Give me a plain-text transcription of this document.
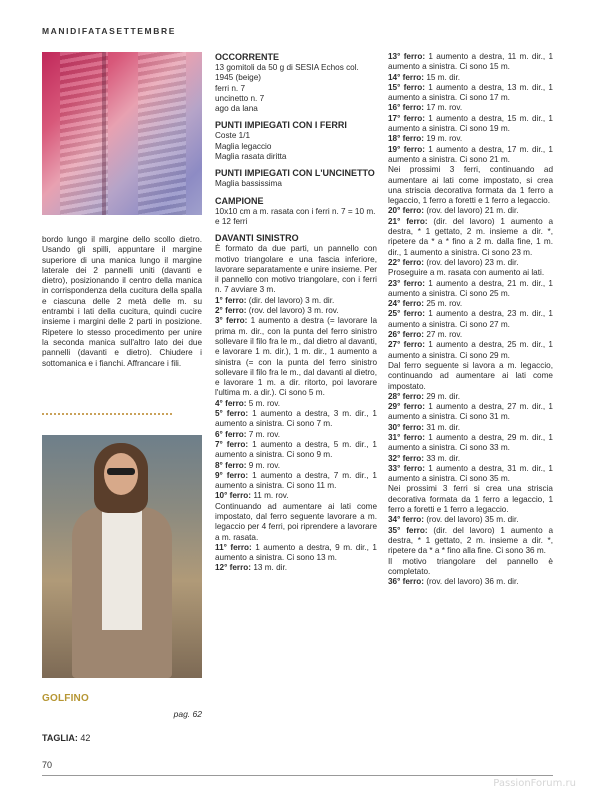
MANIDIFATASETTEMBRE

bordo lungo il margine dello scollo dietro. Usando gli spilli, appuntare il margine superiore di una manica lungo il margine laterale dei 2 pannelli uniti (davanti e dietro), posizionando il centro della manica in corrispondenza della cucitura della spalla e ciascuna delle 2 metà delle m. su entrambi i lati della cucitura, quindi cucire insieme i margini delle 2 parti in posizione. Ripetere lo stesso procedimento per unire la seconda manica sull'altro lato dei due pannelli (davanti e dietro). Chiudere i sottomanica e i fianchi. Affrancare i fili.

GOLFINO
pag. 62
TAGLIA: 42
OCCORRENTE
13 gomitoli da 50 g di SESIA Echos col. 1945 (beige)
ferri n. 7
uncinetto n. 7
ago da lana
PUNTI IMPIEGATI CON I FERRI
Coste 1/1
Maglia legaccio
Maglia rasata diritta
PUNTI IMPIEGATI CON L'UNCINETTO
Maglia bassissima
CAMPIONE
10x10 cm a m. rasata con i ferri n. 7 = 10 m. e 12 ferri
DAVANTI SINISTRO
È formato da due parti, un pannello con motivo triangolare e una fascia inferiore, lavorare separatamente e unire insieme. Per il pannello con motivo triangolare, con i ferri n. 7 avviare 3 m.
1° ferro: (dir. del lavoro) 3 m. dir.
2° ferro: (rov. del lavoro) 3 m. rov.
3° ferro: 1 aumento a destra (= lavorare la prima m. dir., con la punta del ferro sinistro sollevare il filo fra le m., dal dietro al davanti, e lavorare 1 m. dir.), 1 m. dir., 1 aumento a sinistra (= con la punta del ferro sinistro sollevare il filo fra le m., dal davanti al dietro, e lavorare 1 m. a dir. ritorto, poi lavorare l'ultima m. a dir.). Ci sono 5 m.
4° ferro: 5 m. rov.
5° ferro: 1 aumento a destra, 3 m. dir., 1 aumento a sinistra. Ci sono 7 m.
6° ferro: 7 m. rov.
7° ferro: 1 aumento a destra, 5 m. dir., 1 aumento a sinistra. Ci sono 9 m.
8° ferro: 9 m. rov.
9° ferro: 1 aumento a destra, 7 m. dir., 1 aumento a sinistra. Ci sono 11 m.
10° ferro: 11 m. rov.
Continuando ad aumentare ai lati come impostato, dal ferro seguente lavorare a m. legaccio per 4 ferri, poi riprendere a lavorare a m. rasata.
11° ferro: 1 aumento a destra, 9 m. dir., 1 aumento a sinistra. Ci sono 13 m.
12° ferro: 13 m. dir.
13° ferro: 1 aumento a destra, 11 m. dir., 1 aumento a sinistra. Ci sono 15 m.
14° ferro: 15 m. dir.
15° ferro: 1 aumento a destra, 13 m. dir., 1 aumento a sinistra. Ci sono 17 m.
16° ferro: 17 m. rov.
17° ferro: 1 aumento a destra, 15 m. dir., 1 aumento a sinistra. Ci sono 19 m.
18° ferro: 19 m. rov.
19° ferro: 1 aumento a destra, 17 m. dir., 1 aumento a sinistra. Ci sono 21 m.
Nei prossimi 3 ferri, continuando ad aumentare ai lati come impostato, si crea una striscia decorativa formata da 1 ferro a legaccio, 1 ferro a foretti e 1 ferro a legaccio.
20° ferro: (rov. del lavoro) 21 m. dir.
21° ferro: (dir. del lavoro) 1 aumento a destra, * 1 gettato, 2 m. insieme a dir. *, ripetere da * a * fino a 2 m. dalla fine, 1 m. dir., 1 aumento a sinistra. Ci sono 23 m.
22° ferro: (rov. del lavoro) 23 m. dir.
Proseguire a m. rasata con aumento ai lati.
23° ferro: 1 aumento a destra, 21 m. dir., 1 aumento a sinistra. Ci sono 25 m.
24° ferro: 25 m. rov.
25° ferro: 1 aumento a destra, 23 m. dir., 1 aumento a sinistra. Ci sono 27 m.
26° ferro: 27 m. rov.
27° ferro: 1 aumento a destra, 25 m. dir., 1 aumento a sinistra. Ci sono 29 m.
Dal ferro seguente si lavora a m. legaccio, continuando ad aumentare ai lati come impostato.
28° ferro: 29 m. dir.
29° ferro: 1 aumento a destra, 27 m. dir., 1 aumento a sinistra. Ci sono 31 m.
30° ferro: 31 m. dir.
31° ferro: 1 aumento a destra, 29 m. dir., 1 aumento a sinistra. Ci sono 33 m.
32° ferro: 33 m. dir.
33° ferro: 1 aumento a destra, 31 m. dir., 1 aumento a sinistra. Ci sono 35 m.
Nei prossimi 3 ferri si crea una striscia decorativa formata da 1 ferro a legaccio, 1 ferro a foretti e 1 ferro a legaccio.
34° ferro: (rov. del lavoro) 35 m. dir.
35° ferro: (dir. del lavoro) 1 aumento a destra, * 1 gettato, 2 m. insieme a dir. *, ripetere da * a * fino alla fine. Ci sono 36 m.
Il motivo triangolare del pannello è completato.
36° ferro: (rov. del lavoro) 36 m. dir.
70
PassionForum.ru
